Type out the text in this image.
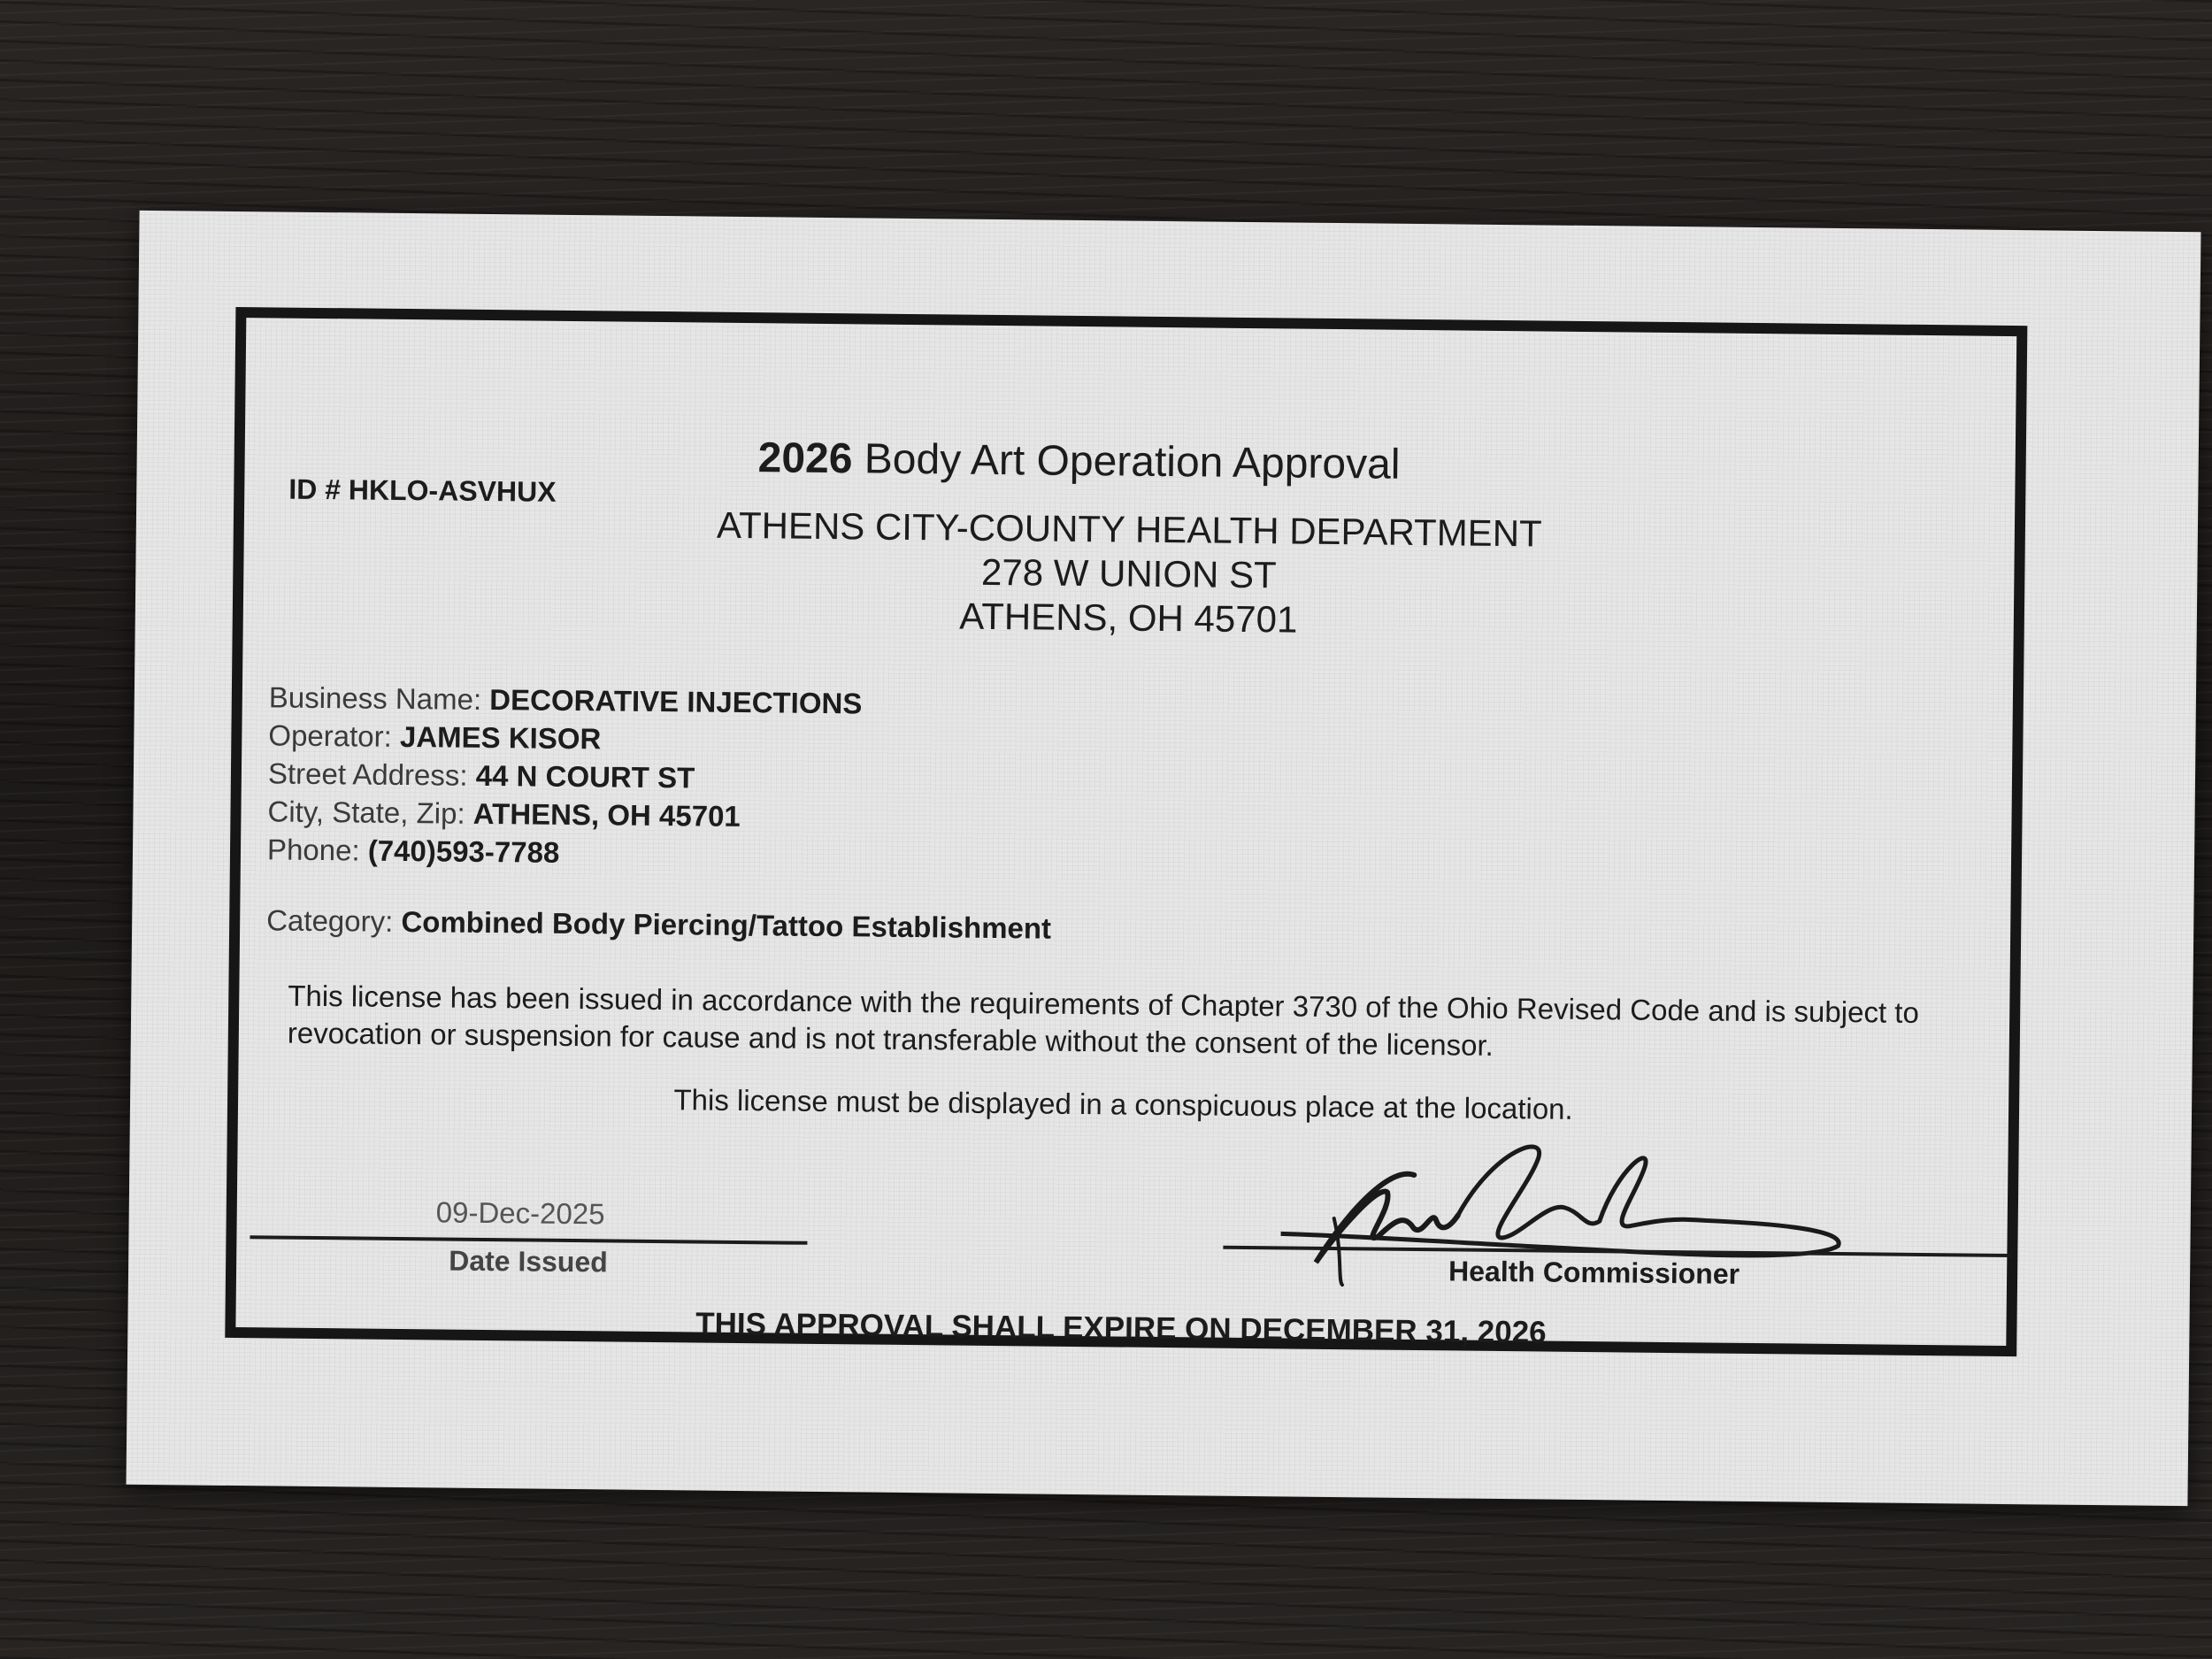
2026 Body Art Operation Approval
ID # HKLO-ASVHUX
ATHENS CITY-COUNTY HEALTH DEPARTMENT
278 W UNION ST
ATHENS, OH 45701
Business Name: DECORATIVE INJECTIONS
Operator: JAMES KISOR
Street Address: 44 N COURT ST
City, State, Zip: ATHENS, OH 45701
Phone: (740)593-7788
Category: Combined Body Piercing/Tattoo Establishment
This license has been issued in accordance with the requirements of Chapter 3730 of the Ohio Revised Code and is subject to revocation or suspension for cause and is not transferable without the consent of the licensor.
This license must be displayed in a conspicuous place at the location.
09-Dec-2025
Date Issued	Health Commissioner
THIS APPROVAL SHALL EXPIRE ON DECEMBER 31, 2026
